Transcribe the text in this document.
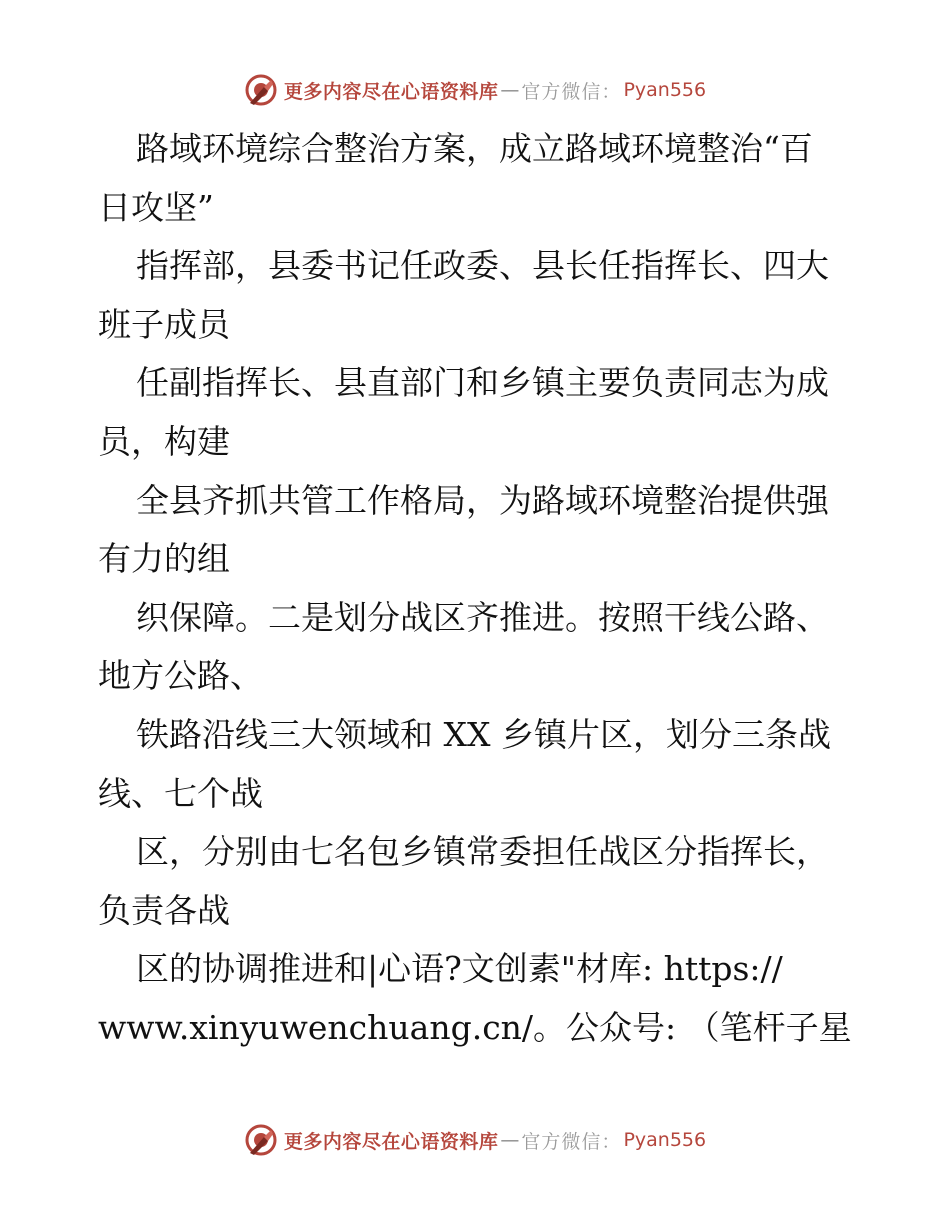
更多内容尽在心语资料库 — 官方微信： Pyan556
路域环境综合整治方案，成立路域环境整治“百
日攻坚”
指挥部，县委书记任政委、县长任指挥长、四大
班子成员
任副指挥长、县直部门和乡镇主要负责同志为成
员，构建
全县齐抓共管工作格局，为路域环境整治提供强
有力的组
织保障。二是划分战区齐推进。按照干线公路、
地方公路、
铁路沿线三大领域和 XX 乡镇片区，划分三条战
线、七个战
区，分别由七名包乡镇常委担任战区分指挥长，
负责各战
区的协调推进和|心语?文创素"材库: https://
www.xinyuwenchuang.cn/。公众号: （笔杆子星
更多内容尽在心语资料库 — 官方微信： Pyan556
